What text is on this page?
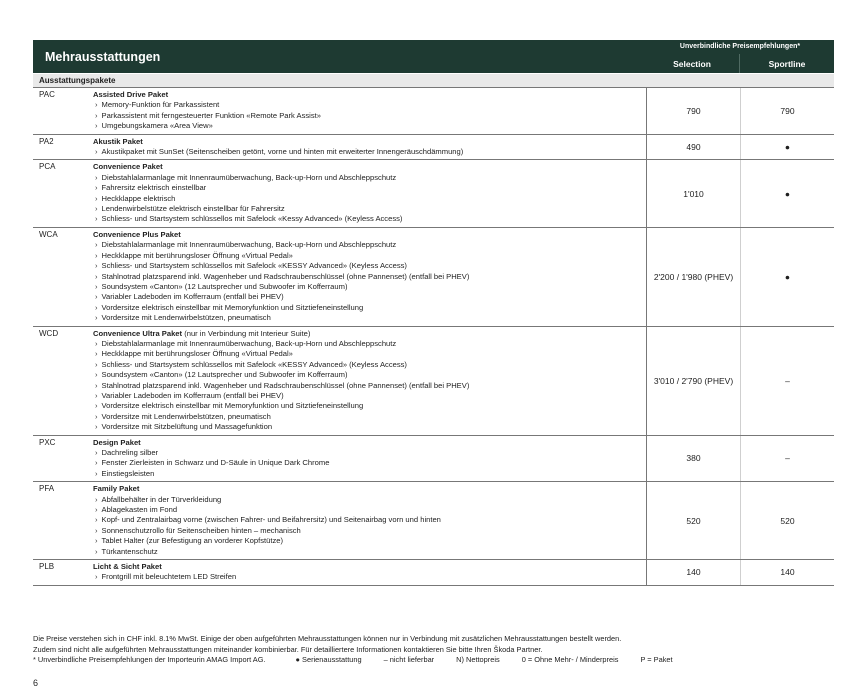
Mehrausstattungen
Unverbindliche Preisempfehlungen*
Selection	Sportline
Ausstattungspakete
PAC	Assisted Drive Paket
› Memory-Funktion für Parkassistent
› Parkassistent mit ferngesteuerter Funktion «Remote Park Assist»
› Umgebungskamera «Area View»
790	790
PA2	Akustik Paket
› Akustikpaket mit SunSet (Seitenscheiben getönt, vorne und hinten mit erweiterter Innengeräuschdämmung)	490	●
PCA	Convenience Paket
› Diebstahlalarmanlage mit Innenraumüberwachung, Back-up-Horn und Abschleppschutz
› Fahrersitz elektrisch einstellbar
› Heckklappe elektrisch
› Lendenwirbelstütze elektrisch einstellbar für Fahrersitz
› Schliess- und Startsystem schlüssellos mit Safelock «Kessy Advanced» (Keyless Access)
1'010	●
WCA	Convenience Plus Paket
› Diebstahlalarmanlage mit Innenraumüberwachung, Back-up-Horn und Abschleppschutz
› Heckklappe mit berührungsloser Öffnung «Virtual Pedal»
› Schliess- und Startsystem schlüssellos mit Safelock «KESSY Advanced» (Keyless Access)
› Stahlnotrad platzsparend inkl. Wagenheber und Radschraubenschlüssel (ohne Pannenset) (entfall bei PHEV)
› Soundsystem «Canton» (12 Lautsprecher und Subwoofer im Kofferraum)
› Variabler Ladeboden im Kofferraum (entfall bei PHEV)
› Vordersitze elektrisch einstellbar mit Memoryfunktion und Sitztiefeneinstellung
› Vordersitze mit Lendenwirbelstützen, pneumatisch
2'200 / 1'980 (PHEV)	●
WCD	Convenience Ultra Paket (nur in Verbindung mit Interieur Suite)
› Diebstahlalarmanlage mit Innenraumüberwachung, Back-up-Horn und Abschleppschutz
› Heckklappe mit berührungsloser Öffnung «Virtual Pedal»
› Schliess- und Startsystem schlüssellos mit Safelock «KESSY Advanced» (Keyless Access)
› Soundsystem «Canton» (12 Lautsprecher und Subwoofer im Kofferraum)
› Stahlnotrad platzsparend inkl. Wagenheber und Radschraubenschlüssel (ohne Pannenset) (entfall bei PHEV)
› Variabler Ladeboden im Kofferraum (entfall bei PHEV)
› Vordersitze elektrisch einstellbar mit Memoryfunktion und Sitztiefeneinstellung
› Vordersitze mit Lendenwirbelstützen, pneumatisch
› Vordersitze mit Sitzbelüftung und Massagefunktion
3'010 / 2'790 (PHEV)	–
PXC	Design Paket
› Dachreling silber
› Fenster Zierleisten in Schwarz und D-Säule in Unique Dark Chrome
› Einstiegsleisten
380	–
PFA	Family Paket
› Abfallbehälter in der Türverkleidung
› Ablagekasten im Fond
› Kopf- und Zentralairbag vorne (zwischen Fahrer- und Beifahrersitz) und Seitenairbag vorn und hinten
› Sonnenschutzrollo für Seitenscheiben hinten – mechanisch
› Tablet Halter (zur Befestigung an vorderer Kopfstütze)
› Türkantenschutz
520	520
PLB	Licht & Sicht Paket
› Frontgrill mit beleuchtetem LED Streifen	140	140
Die Preise verstehen sich in CHF inkl. 8.1% MwSt. Einige der oben aufgeführten Mehrausstattungen können nur in Verbindung mit zusätzlichen Mehrausstattungen bestellt werden.
Zudem sind nicht alle aufgeführten Mehrausstattungen miteinander kombinierbar. Für detailliertere Informationen kontaktieren Sie bitte Ihren Škoda Partner.
* Unverbindliche Preisempfehlungen der Importeurin AMAG Import AG.	● Serienausstattung	– nicht lieferbar	N) Nettopreis	0 = Ohne Mehr- / Minderpreis	P = Paket
6
